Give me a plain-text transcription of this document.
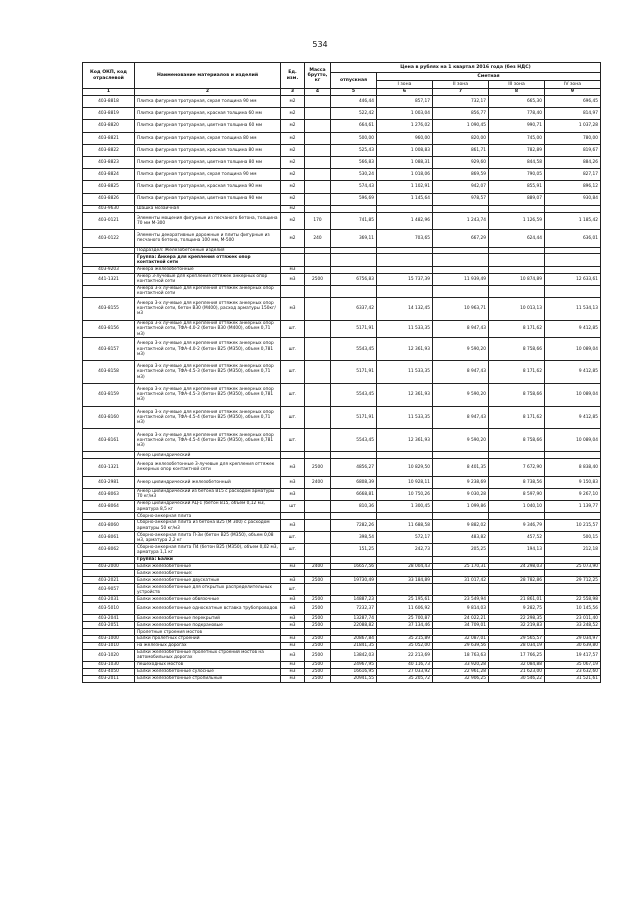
534
Код ОКП, код отраслевой	Наименование материалов и изделий	Ед. изм.	Масса брутто, кг	Цена в рублях на 1 квартал 2016 года (без НДС)				
				отпускная	Сметная			
					I зона	II зона	III зона	IV зона
1	2	3	4	5	6	7	8	9
403-8818	Плитка фигурная тротуарная, серая толщина 90 мм	м2		446,44	857,17	732,17	665,30	696,45
403-8819	Плитка фигурная тротуарная, красная толщина 60 мм	м2		522,42	1 003,04	856,77	778,40	814,97
403-8820	Плитка фигурная тротуарная, цветная толщина 60 мм	м2		664,61	1 276,02	1 090,45	990,71	1 037,28
403-8821	Плитка фигурная тротуарная, серая толщина 80 мм	м2		500,00	960,00	820,00	745,00	780,00
403-8822	Плитка фигурная тротуарная, красная толщина 80 мм	м2		525,43	1 008,83	861,71	782,89	819,67
403-8823	Плитка фигурная тротуарная, цветная толщина 80 мм	м2		566,83	1 088,31	929,60	844,58	884,26
403-8824	Плитка фигурная тротуарная, серая толщина 90 мм	м2		530,24	1 018,06	869,59	790,05	827,17
403-8825	Плитка фигурная тротуарная, красная толщина 90 мм	м2		574,43	1 102,91	942,07	855,91	896,12
403-8826	Плитка фигурная тротуарная, цветная толщина 90 мм	м2		596,69	1 145,64	978,57	889,07	930,84
403-9630	Шашка мозаичная	м2						
403-0121	Элементы мощения фигурные из песчаного бетона, толщина 70 мм М-300	м2	170	741,85	1 482,96	1 243,74	1 126,59	1 185,42
403-0122	Элементы декоративные дорожные и плиты фигурные из песчаного бетона, толщина 100 мм, М-500	м2	240	369,11	703,65	667,29	624,44	636,01
	Подраздел: Железобетонные изделия							
	Группа: Анкера для крепления оттяжек опор контактной сети							
403-9203	Анкера железобетонные	м3						
441-1321	Анкер 3-лучевые для крепления оттяжек анкерных опор контактной сети	м3	2500	6756,83	15 737,39	11 939,49	10 874,89	12 633,61
	Анкера 3-х лучевые для крепления оттяжек анкерных опор контактной сети							
403-8155	Анкера 3-х лучевые для крепления оттяжек анкерных опор контактной сети, бетон В30 (М400), расход арматуры 150кг/м3	м3		6337,42	14 132,45	10 963,71	10 013,13	11 534,13
403-8156	Анкера 3-х лучевые для крепления оттяжек анкерных опор контактной сети, ТФА-4.0-2 (бетон В30 (М400), объем 0,71 м3)	шт.		5171,91	11 533,35	8 947,43	8 171,62	9 412,85
403-8157	Анкера 3-х лучевые для крепления оттяжек анкерных опор контактной сети, ТФА-4.0-2 (бетон В25 (М350), объем 0,781 м3)	шт.		5543,45	12 361,93	9 590,20	8 758,66	10 089,04
403-8158	Анкера 3-х лучевые для крепления оттяжек анкерных опор контактной сети, ТФА-4.5-3 (бетон В25 (М350), объем 0,71 м3)	шт.		5171,91	11 533,35	8 947,43	8 171,62	9 412,85
403-8159	Анкера 3-х лучевые для крепления оттяжек анкерных опор контактной сети, ТФА-4.5-3 (бетон В25 (М350), объем 0,781 м3)	шт.		5543,45	12 361,93	9 590,20	8 758,66	10 089,04
403-8160	Анкера 3-х лучевые для крепления оттяжек анкерных опор контактной сети, ТФА-4.5-4 (бетон В25 (М350), объем 0,71 м3)	шт.		5171,91	11 533,35	8 947,43	8 171,62	9 412,85
403-8161	Анкера 3-х лучевые для крепления оттяжек анкерных опор контактной сети, ТФА-4.5-4 (бетон В25 (М350), объем 0,781 м3)	шт.		5543,45	12 361,93	9 590,20	8 758,66	10 089,04
	Анкер цилиндрический							
403-1321	Анкера железобетонные 3-лучевые для крепления оттяжек анкерных опор контактной сети	м3	2500	4856,27	10 829,50	8 401,35	7 672,90	8 838,40
403-2981	Анкер цилиндрический железобетонный	м3	2400	6808,39	10 928,11	9 238,69	8 738,56	9 150,83
403-8063	Анкер цилиндрический из бетона В15 с расходом арматуры 70 кг/м3	м3		6668,81	10 750,26	9 030,28	8 597,90	9 267,10
403-8064	Анкер цилиндрический АЦ-1 (бетон В15, объем 0,12 м3, арматура 8,5 кг	шт		810,36	1 300,45	1 099,86	1 040,10	1 139,77
	Сборно-анкерная плита							
403-8060	Сборно-анкерная плита из бетона В25 (М 300) с расходом арматуры 50 кг/м3	м3		7282,26	11 688,58	9 882,02	9 346,79	10 215,57
403-8061	Сборно-анкерная плита П-3и (бетон В25 (М350), объем 0,08 м3, арматура 2,2 кг	шт.		398,54	572,17	483,82	457,52	500,15
403-8062	Сборно-анкерная плита П4 (бетон В25 (М350), объем 0,02 м3, арматура 1,1 кг	шт.		151,25	242,73	205,25	194,13	212,18
	Группа: Балки							
403-2000	Балки железобетонные	м3	2400	16657,56	28 004,43	25 170,31	24 298,03	25 073,90
	Балки железобетонные:							
403-2021	Балки железобетонные двускатные	м3	2500	19730,49	33 184,89	31 017,42	28 782,86	29 712,25
403-9057	Балки железобетонные для открытых распределительных устройств	шт.						
403-2031	Балки железобетонные обвязочные	м3	2500	14887,23	25 195,61	23 549,94	21 861,01	22 558,98
403-5010	Балки железобетонные односкатные вставка трубопроводов	м3	2500	7232,37	11 606,92	9 814,03	9 282,75	10 145,56
403-2041	Балки железобетонные перекрытий	м3	2500	13287,74	25 700,87	24 022,21	22 298,35	23 011,40
403-2051	Балки железобетонные подкрановые	м3	2500	22088,82	37 134,46	34 709,01	32 219,83	33 248,52
	Пролетные строения мостов							
403-1000	Балки пролетных строений	м3	2500	20867,84	35 215,89	32 087,01	29 565,57	29 034,97
403-1010	на железных дорогах	м3	2500	21841,35	35 052,00	29 639,56	28 034,19	30 639,80
403-1020	Балки железобетонные пролетных строений мостов на автомобильных дорогах	м3	2500	13842,03	22 213,69	18 763,63	17 766,25	19 417,57
403-1030	пешеходных мостов	м3	2500	24967,95	40 116,73	33 920,28	32 084,88	35 067,19
403-4050	Балки железобетонные сулосные	м3	2500	16616,95	27 033,92	22 961,28	21 623,00	23 632,60
403-2011	Балки железобетонные стропильные	м3	2500	20941,55	35 205,72	32 906,25	30 546,22	31 521,61
